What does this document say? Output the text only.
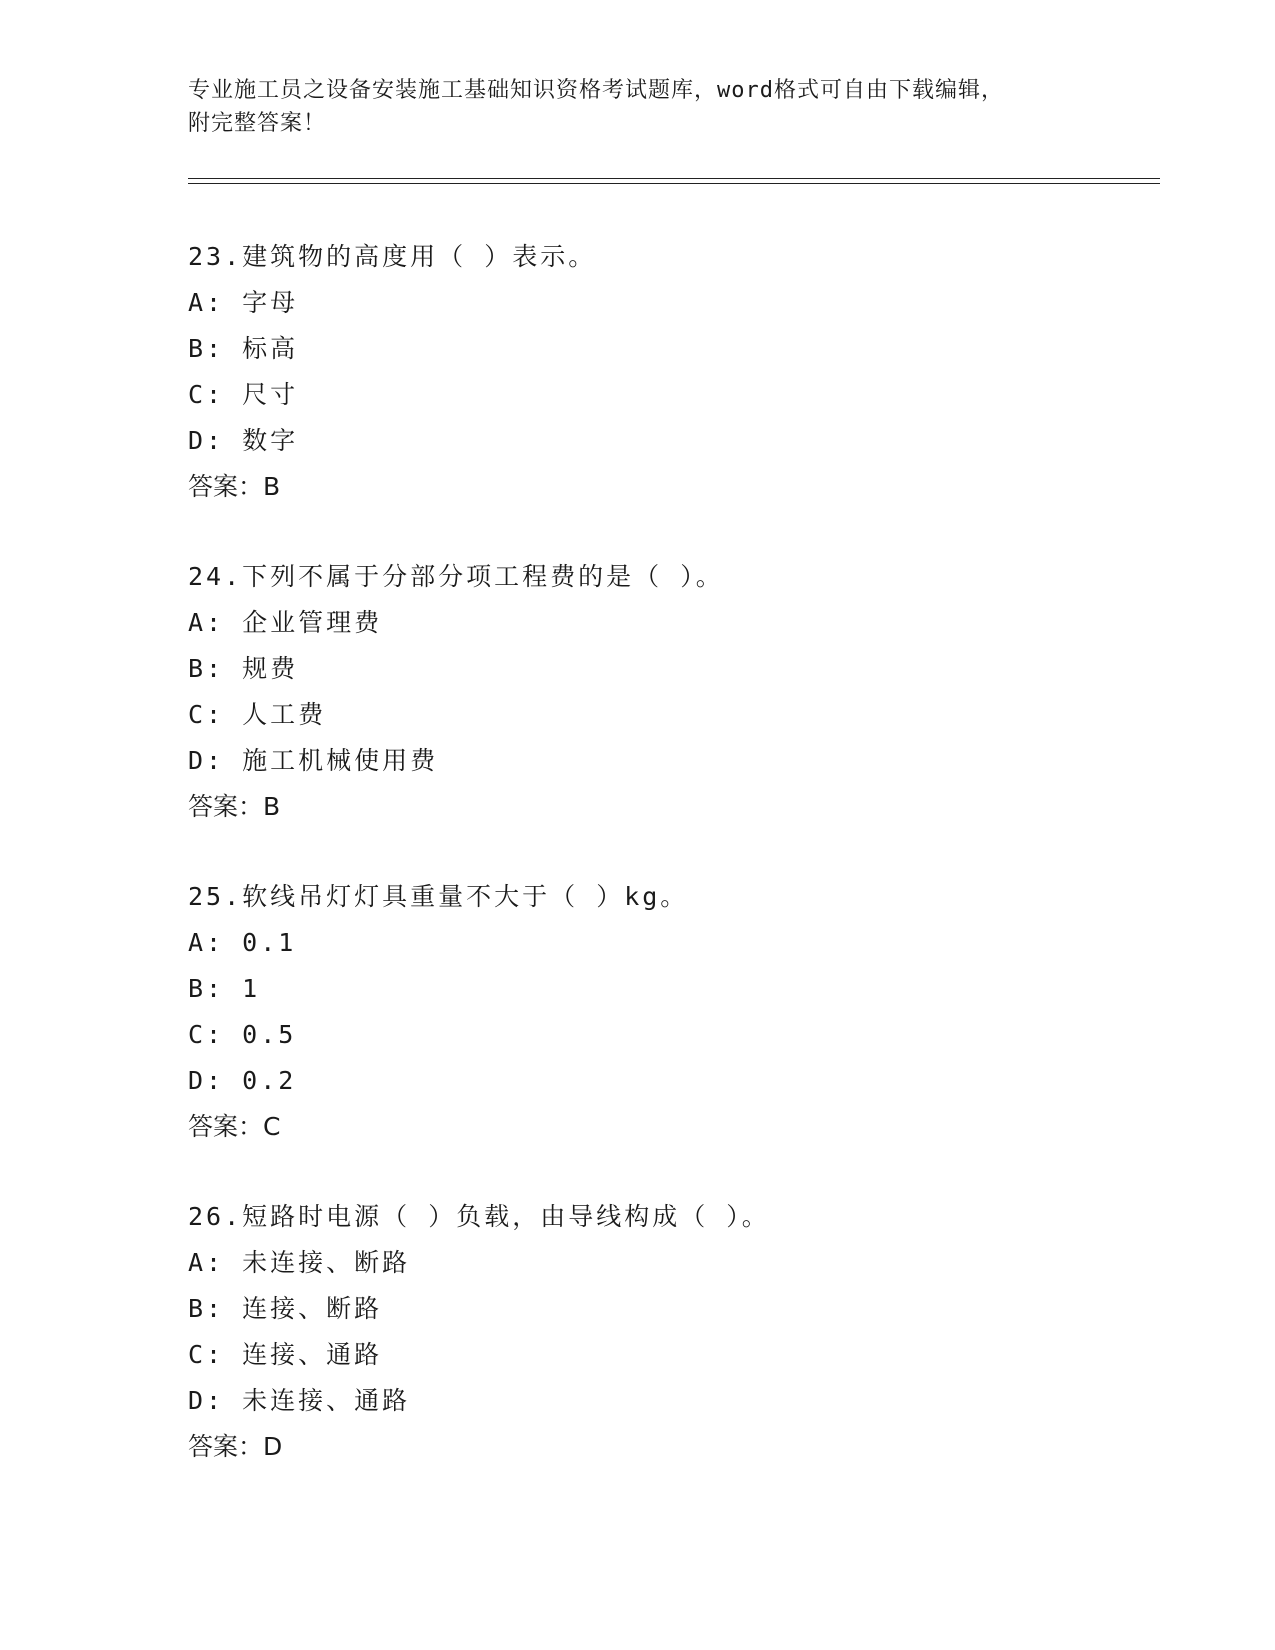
专业施工员之设备安装施工基础知识资格考试题库，word格式可自由下载编辑，
附完整答案！
23.建筑物的高度用（ ）表示。
A: 字母
B: 标高
C: 尺寸
D: 数字
答案：B
24.下列不属于分部分项工程费的是（ ）。
A: 企业管理费
B: 规费
C: 人工费
D: 施工机械使用费
答案：B
25.软线吊灯灯具重量不大于（ ）kg。
A: 0.1
B: 1
C: 0.5
D: 0.2
答案：C
26.短路时电源（ ）负载，由导线构成（ ）。
A: 未连接、断路
B: 连接、断路
C: 连接、通路
D: 未连接、通路
答案：D
